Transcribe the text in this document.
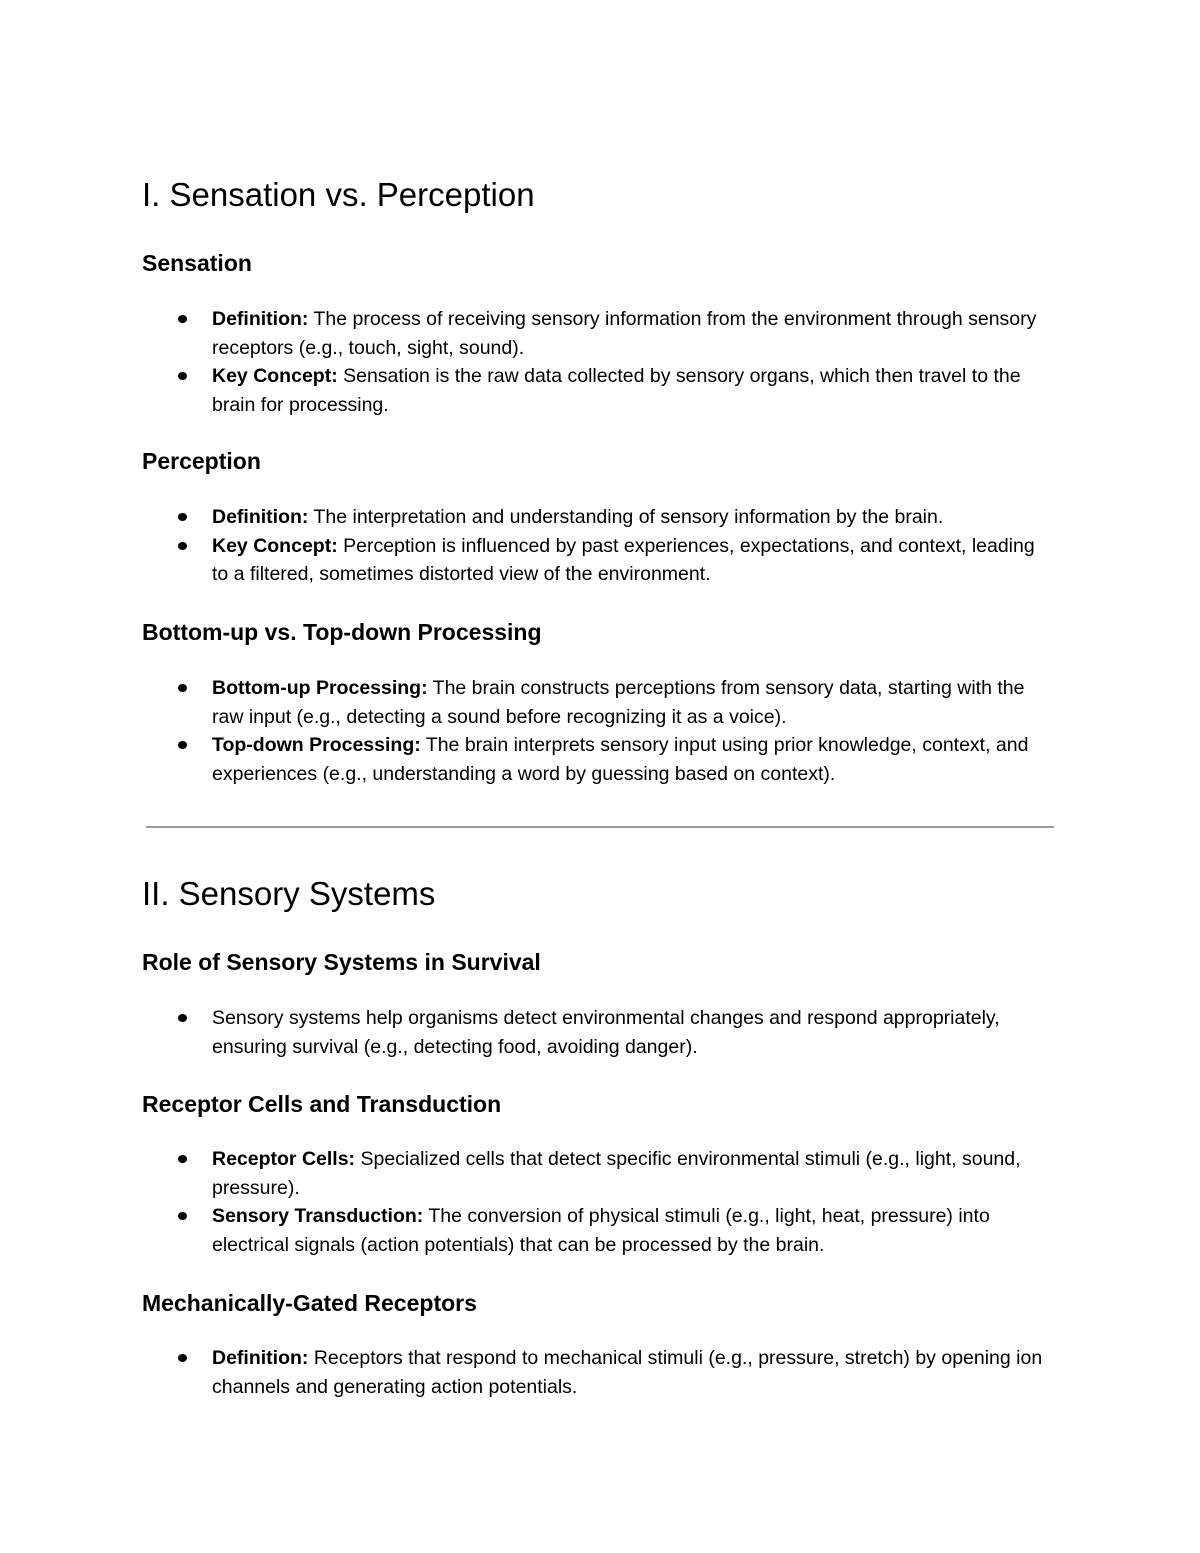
I. Sensation vs. Perception
Sensation
Definition: The process of receiving sensory information from the environment through sensory receptors (e.g., touch, sight, sound).
Key Concept: Sensation is the raw data collected by sensory organs, which then travel to the brain for processing.
Perception
Definition: The interpretation and understanding of sensory information by the brain.
Key Concept: Perception is influenced by past experiences, expectations, and context, leading to a filtered, sometimes distorted view of the environment.
Bottom-up vs. Top-down Processing
Bottom-up Processing: The brain constructs perceptions from sensory data, starting with the raw input (e.g., detecting a sound before recognizing it as a voice).
Top-down Processing: The brain interprets sensory input using prior knowledge, context, and experiences (e.g., understanding a word by guessing based on context).
II. Sensory Systems
Role of Sensory Systems in Survival
Sensory systems help organisms detect environmental changes and respond appropriately, ensuring survival (e.g., detecting food, avoiding danger).
Receptor Cells and Transduction
Receptor Cells: Specialized cells that detect specific environmental stimuli (e.g., light, sound, pressure).
Sensory Transduction: The conversion of physical stimuli (e.g., light, heat, pressure) into electrical signals (action potentials) that can be processed by the brain.
Mechanically-Gated Receptors
Definition: Receptors that respond to mechanical stimuli (e.g., pressure, stretch) by opening ion channels and generating action potentials.
